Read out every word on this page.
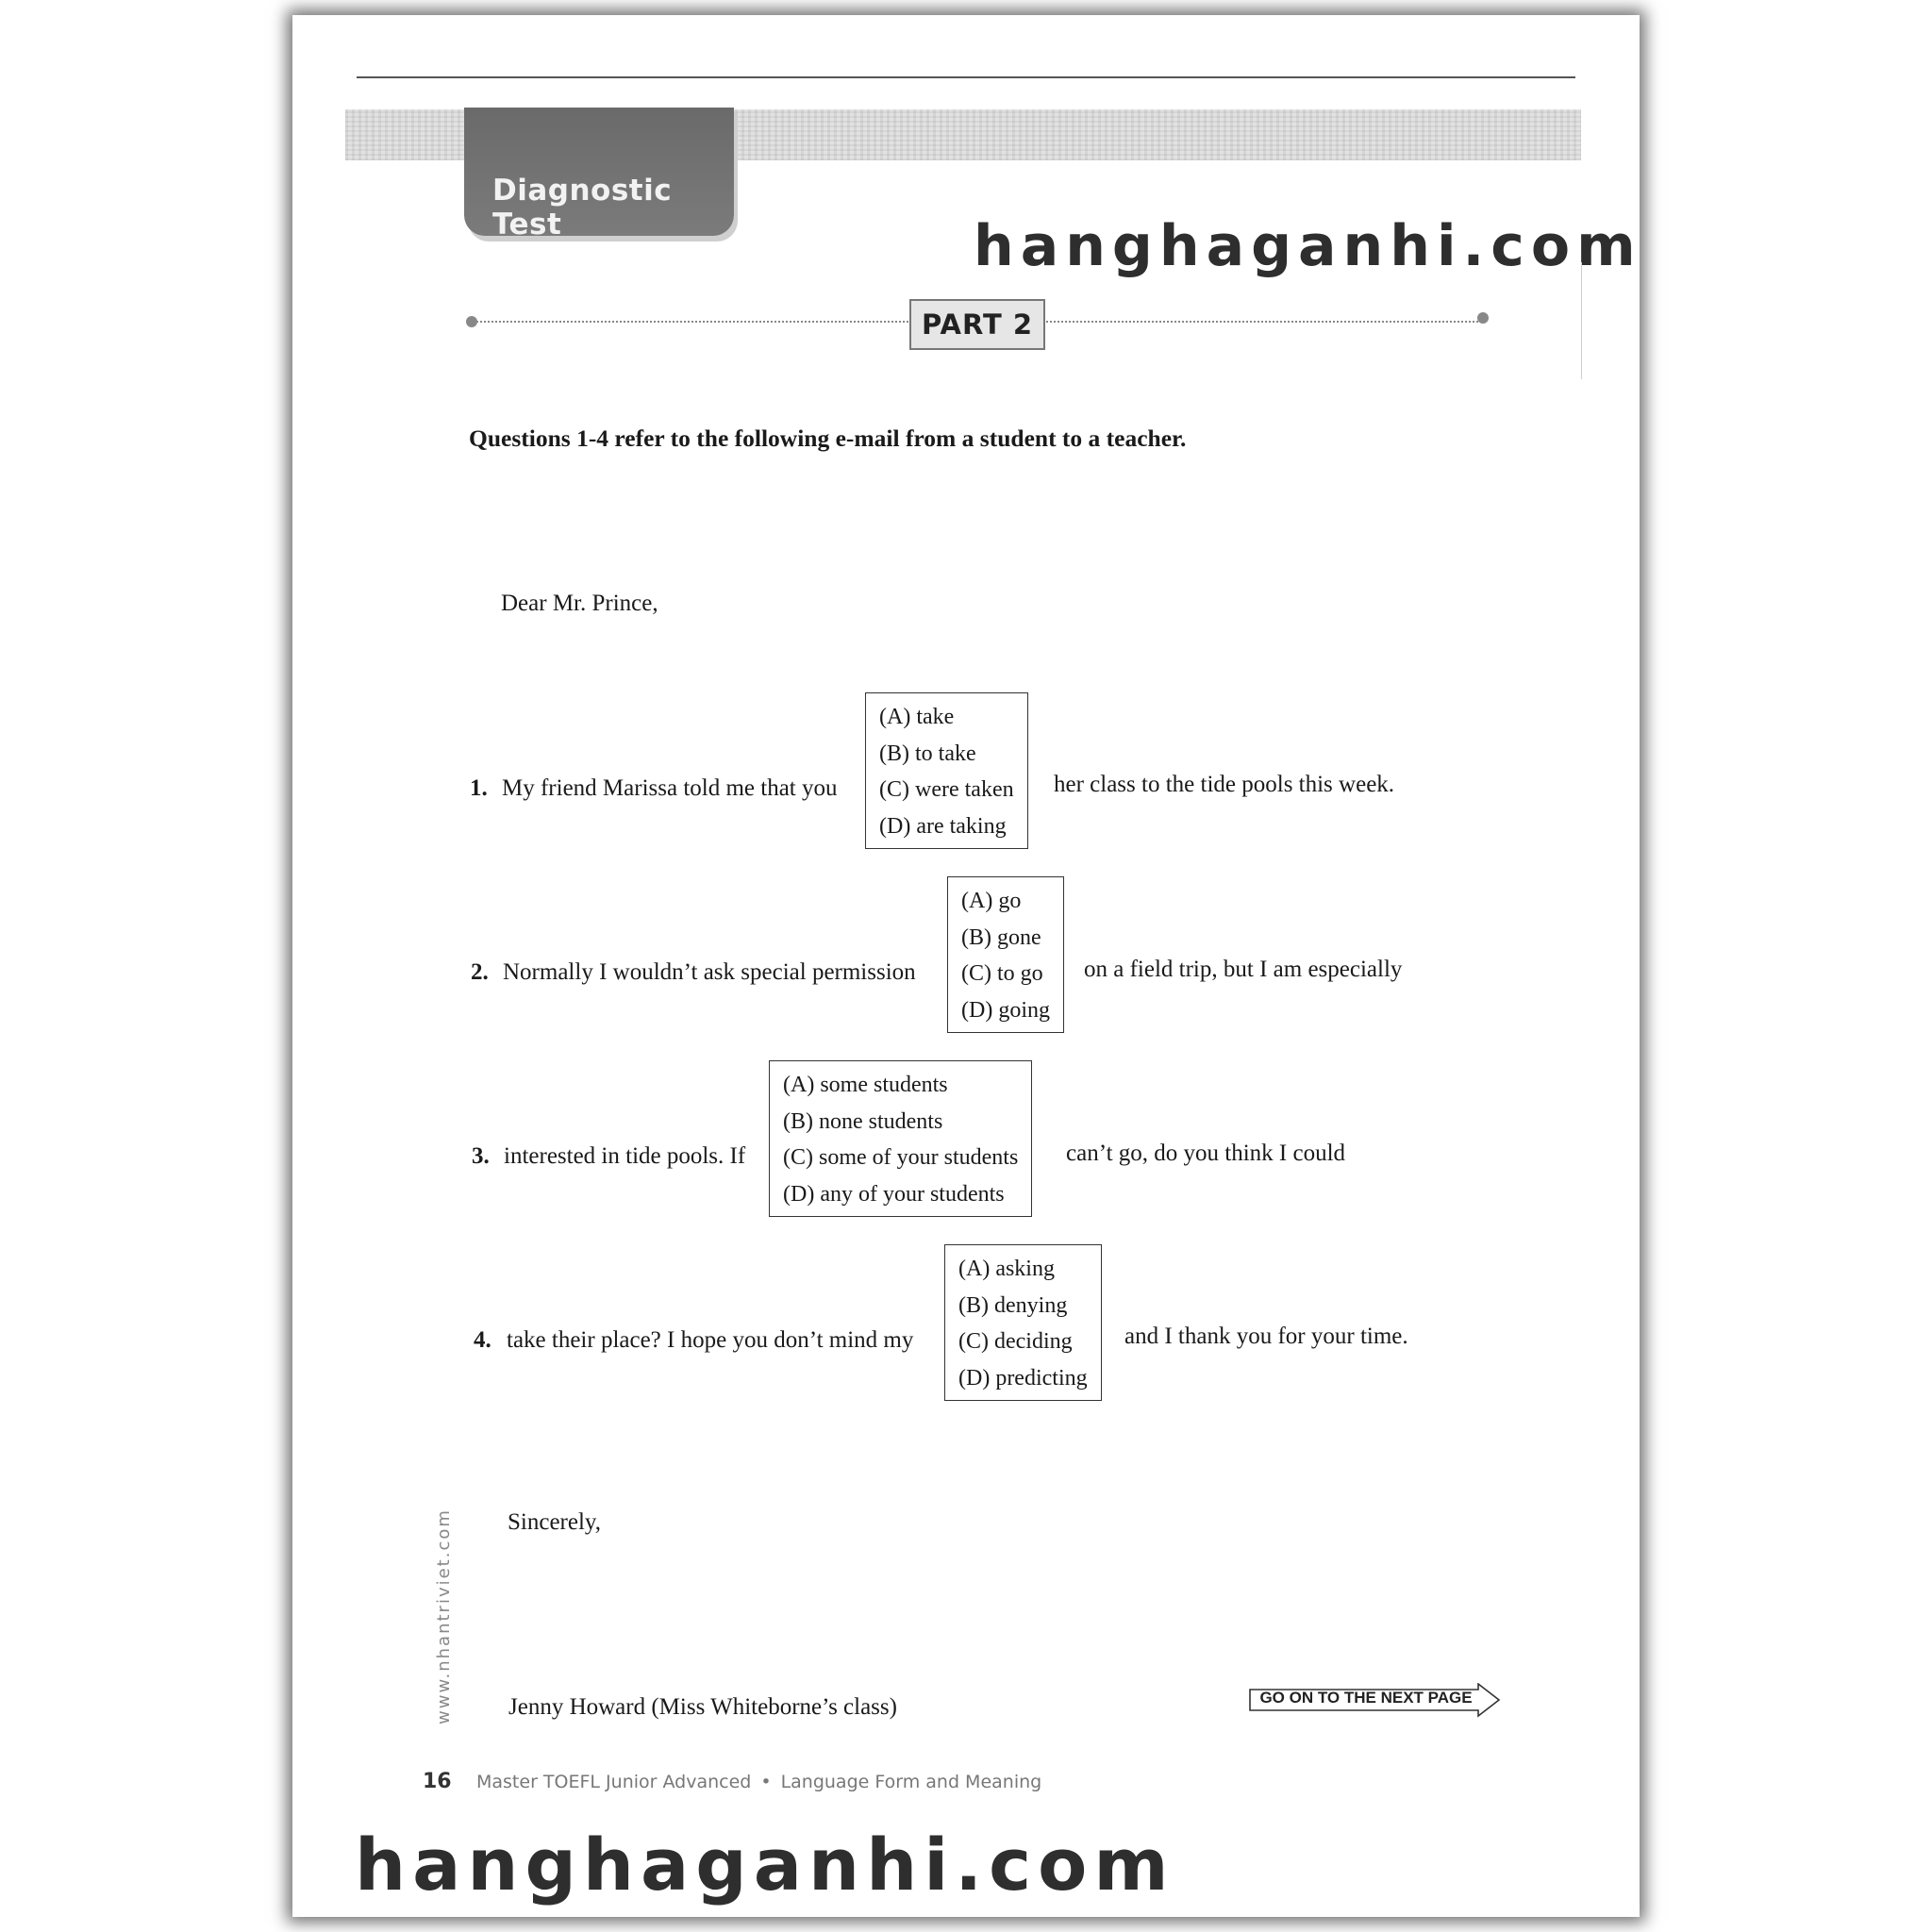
Diagnostic Test	hanghaganhi.com
PART 2
Questions 1-4 refer to the following e-mail from a student to a teacher.
Dear Mr. Prince,
1. My friend Marissa told me that you
(A) take
(B) to take
(C) were taken
(D) are taking
her class to the tide pools this week.
2. Normally I wouldn’t ask special permission
(A) go
(B) gone
(C) to go
(D) going
on a field trip, but I am especially
3. interested in tide pools. If
(A) some students
(B) none students
(C) some of your students
(D) any of your students
can’t go, do you think I could
4. take their place? I hope you don’t mind my
(A) asking
(B) denying
(C) deciding
(D) predicting
and I thank you for your time.
Sincerely,
Jenny Howard (Miss Whiteborne’s class)	GO ON TO THE NEXT PAGE
www.nhantriviet.com
16 Master TOEFL Junior Advanced • Language Form and Meaning
hanghaganhi.com
